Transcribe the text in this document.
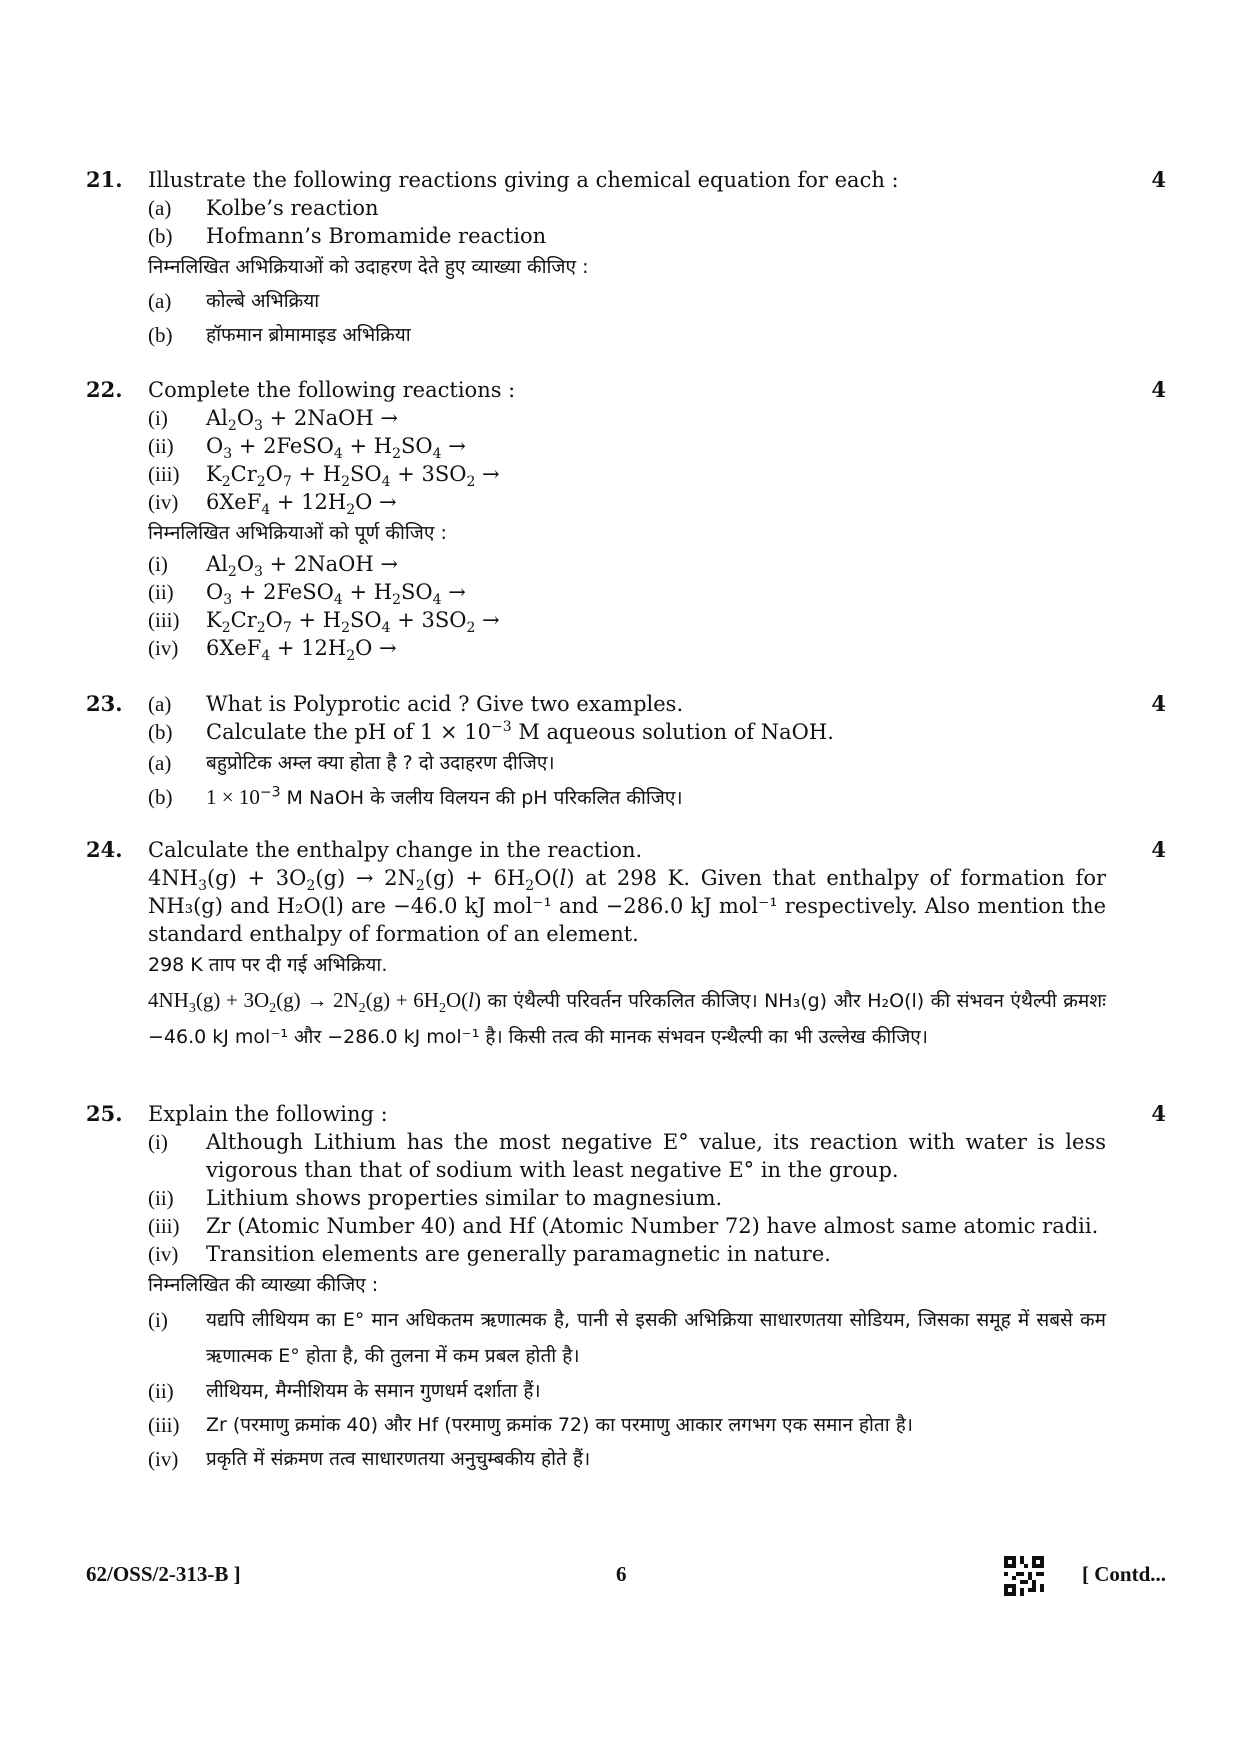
21.	4
Illustrate the following reactions giving a chemical equation for each :
(a)	Kolbe’s reaction
(b)	Hofmann’s Bromamide reaction
निम्नलिखित अभिक्रियाओं को उदाहरण देते हुए व्याख्या कीजिए :
(a)	कोल्बे अभिक्रिया
(b)	हॉफमान ब्रोमामाइड अभिक्रिया
22.	4
Complete the following reactions :
(i)	$Al_2O_3$ + 2NaOH →
(ii)	$O_3$ + 2FeSO$_4$ + $H_2SO_4$ →
(iii)	$K_2Cr_2O_7 + H_2SO_4 + 3SO_2$ →
(iv)	$6XeF_4 + 12H_2O$ →
निम्नलिखित अभिक्रियाओं को पूर्ण कीजिए :
(i)	$Al_2O_3$ + 2NaOH →
(ii)	$O_3$ + 2FeSO$_4$ + $H_2SO_4$ →
(iii)	$K_2Cr_2O_7 + H_2SO_4 + 3SO_2$ →
(iv)	$6XeF_4 + 12H_2O$ →
23.	4
(a)	What is Polyprotic acid ? Give two examples.
(b)	Calculate the pH of $1 \times 10^{-3}$ M aqueous solution of NaOH.
(a)	बहुप्रोटिक अम्ल क्या होता है ? दो उदाहरण दीजिए।
(b)	$1 \times 10^{-3}$ M NaOH के जलीय विलयन की pH परिकलित कीजिए।
24.	4
Calculate the enthalpy change in the reaction.
$4NH_3(g) + 3O_2(g) \to 2N_2(g) + 6H_2O(l)$ at 298 K. Given that enthalpy of formation for NH₃(g) and H₂O(l) are −46.0 kJ mol⁻¹ and −286.0 kJ mol⁻¹ respectively. Also mention the standard enthalpy of formation of an element.
298 K ताप पर दी गई अभिक्रिया.
$4NH_3(g) + 3O_2(g) \to 2N_2(g) + 6H_2O(l)$ का एंथैल्पी परिवर्तन परिकलित कीजिए। NH₃(g) और H₂O(l) की संभवन एंथैल्पी क्रमशः −46.0 kJ mol⁻¹ और −286.0 kJ mol⁻¹ है। किसी तत्व की मानक संभवन एन्थैल्पी का भी उल्लेख कीजिए।
25.	4
Explain the following :
(i)	Although Lithium has the most negative E° value, its reaction with water is less vigorous than that of sodium with least negative E° in the group.
(ii)	Lithium shows properties similar to magnesium.
(iii)	Zr (Atomic Number 40) and Hf (Atomic Number 72) have almost same atomic radii.
(iv)	Transition elements are generally paramagnetic in nature.
निम्नलिखित की व्याख्या कीजिए :
(i)	यद्यपि लीथियम का E° मान अधिकतम ऋणात्मक है, पानी से इसकी अभिक्रिया साधारणतया सोडियम, जिसका समूह में सबसे कम ऋणात्मक E° होता है, की तुलना में कम प्रबल होती है।
(ii)	लीथियम, मैग्नीशियम के समान गुणधर्म दर्शाता हैं।
(iii)	Zr (परमाणु क्रमांक 40) और Hf (परमाणु क्रमांक 72) का परमाणु आकार लगभग एक समान होता है।
(iv)	प्रकृति में संक्रमण तत्व साधारणतया अनुचुम्बकीय होते हैं।
62/OSS/2-313-B ]	6	[ Contd...
